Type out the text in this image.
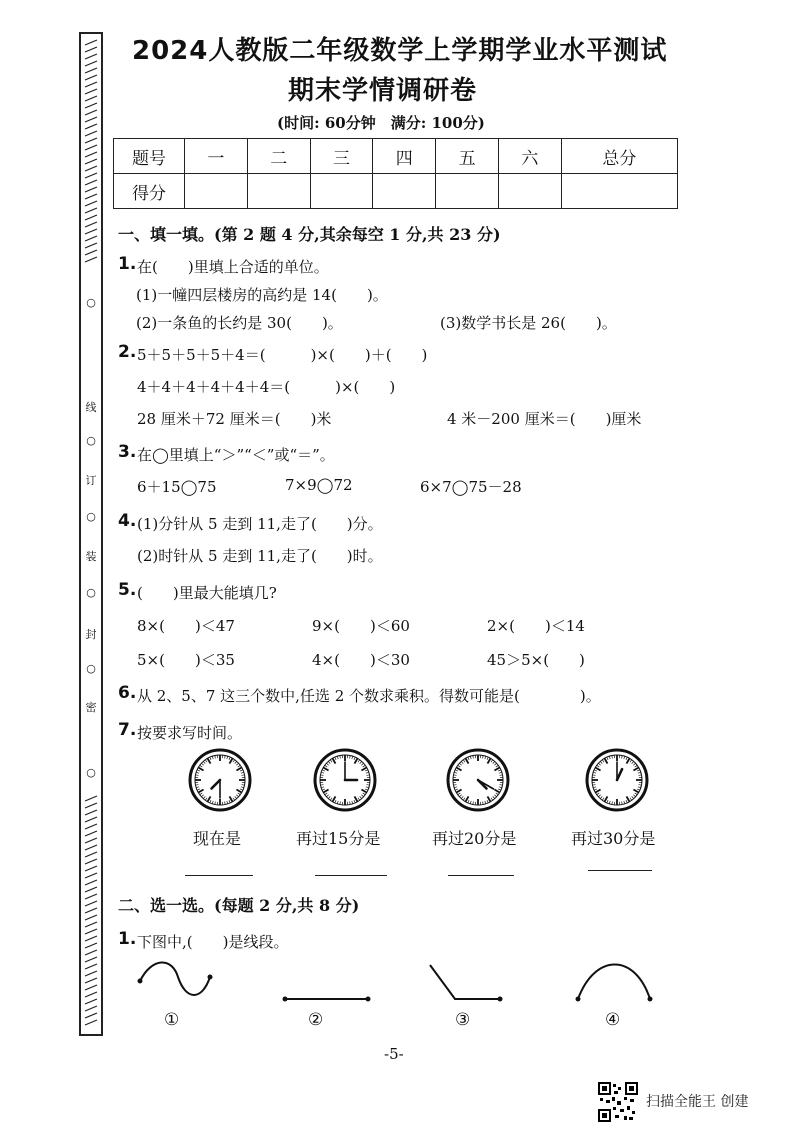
○
线
○
订
○
装
○
封
○
密
○
2024人教版二年级数学上学期学业水平测试
期末学情调研卷
(时间: 60分钟　满分: 100分)
题号	一	二	三	四	五	六	总分
得分							
一、填一填。(第 2 题 4 分,其余每空 1 分,共 23 分)
1. 在(　　)里填上合适的单位。
(1)一幢四层楼房的高约是 14(　　)。
(2)一条鱼的长约是 30(　　)。	(3)数学书长是 26(　　)。
2. 5＋5＋5＋5＋4＝(　　　)×(　　)＋(　　)
4＋4＋4＋4＋4＋4＝(　　　)×(　　)
28 厘米＋72 厘米＝(　　)米	4 米－200 厘米＝(　　)厘米
3. 在◯里填上“＞”“＜”或“＝”。
6＋15◯75	7×9◯72	6×7◯75－28
4. (1)分针从 5 走到 11,走了(　　)分。
(2)时针从 5 走到 11,走了(　　)时。
5. (　　)里最大能填几?
8×(　　)＜47	9×(　　)＜60	2×(　　)＜14
5×(　　)＜35	4×(　　)＜30	45＞5×(　　)
6. 从 2、5、7 这三个数中,任选 2 个数求乘积。得数可能是(　　　　)。
7. 按要求写时间。
现在是	再过15分是	再过20分是	再过30分是
二、选一选。(每题 2 分,共 8 分)
1. 下图中,(　　)是线段。
①	②	③	④
-5-
扫描全能王 创建
